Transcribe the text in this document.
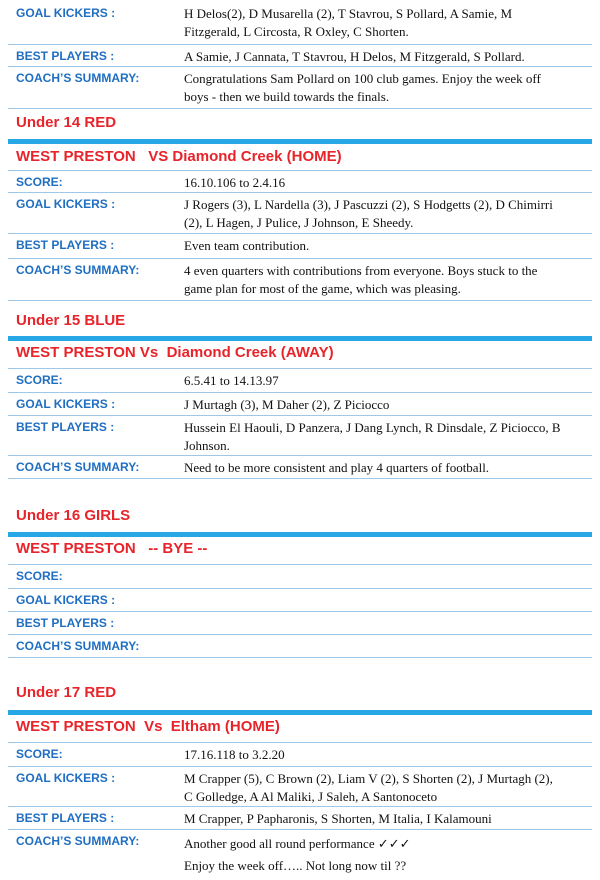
GOAL KICKERS :	H Delos(2), D Musarella (2), T Stavrou, S Pollard, A Samie, M
Fitzgerald, L Circosta, R Oxley, C Shorten.
BEST PLAYERS :	A Samie, J Cannata, T Stavrou, H Delos, M Fitzgerald, S Pollard.
COACH’S SUMMARY:	Congratulations Sam Pollard on 100 club games. Enjoy the week off
boys - then we build towards the finals.
Under 14 RED
WEST PRESTON   VS Diamond Creek (HOME)
SCORE:	16.10.106 to 2.4.16
GOAL KICKERS :	J Rogers (3), L Nardella (3), J Pascuzzi (2), S Hodgetts (2), D Chimirri
(2), L Hagen, J Pulice, J Johnson, E Sheedy.
BEST PLAYERS :	Even team contribution.
COACH’S SUMMARY:	4 even quarters with contributions from everyone. Boys stuck to the
game plan for most of the game, which was pleasing.
Under 15 BLUE
WEST PRESTON Vs  Diamond Creek (AWAY)
SCORE:	6.5.41 to 14.13.97
GOAL KICKERS :	J Murtagh (3), M Daher (2), Z Piciocco
BEST PLAYERS :	Hussein El Haouli, D Panzera, J Dang Lynch, R Dinsdale, Z Piciocco, B
Johnson.
COACH’S SUMMARY:	Need to be more consistent and play 4 quarters of football.
Under 16 GIRLS
WEST PRESTON   -- BYE --
SCORE:
GOAL KICKERS :
BEST PLAYERS :
COACH’S SUMMARY:
Under 17 RED
WEST PRESTON  Vs  Eltham (HOME)
SCORE:	17.16.118 to 3.2.20
GOAL KICKERS :	M Crapper (5), C Brown (2), Liam V (2), S Shorten (2), J Murtagh (2),
C Golledge, A Al Maliki, J Saleh, A Santonoceto
BEST PLAYERS :	M Crapper, P Papharonis, S Shorten, M Italia, I Kalamouni
COACH’S SUMMARY:	Another good all round performance ✓✓✓
Enjoy the week off….. Not long now til ??
